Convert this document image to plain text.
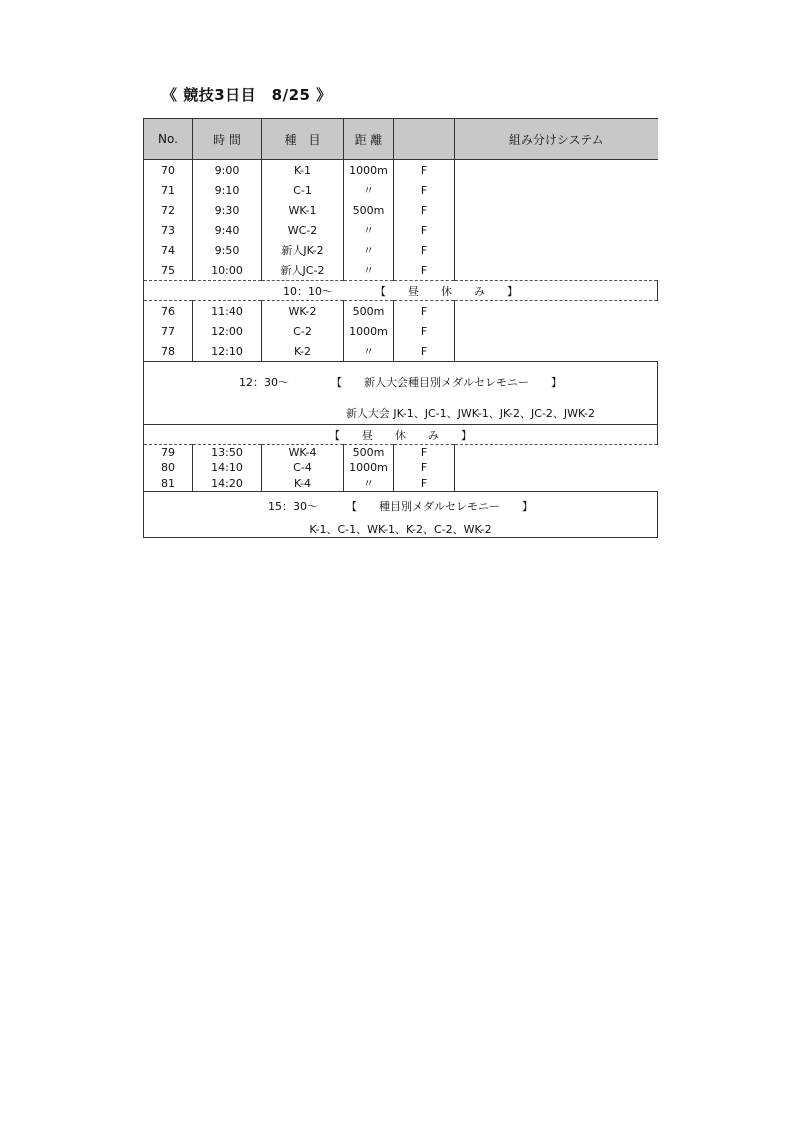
《 競技3日目　8/25 》
No.	時 間	種　目	距 離		組み分けシステム
70	9:00	K-1	1000m	F	
71	9:10	C-1	〃	F	
72	9:30	WK-1	500m	F	
73	9:40	WC-2	〃	F	
74	9:50	新人JK-2	〃	F	
75	10:00	新人JC-2	〃	F	
10：10～ 【　　昼　　休　　み　　】					
76	11:40	WK-2	500m	F	
77	12:00	C-2	1000m	F	
78	12:10	K-2	〃	F	
12：30～ 【　　新人大会種目別メダルセレモニー　　】					
新人大会 JK-1、JC-1、JWK-1、JK-2、JC-2、JWK-2					
【　　昼　　休　　み　　】					
79	13:50	WK-4	500m	F	
80	14:10	C-4	1000m	F	
81	14:20	K-4	〃	F	
15：30～ 【　　種目別メダルセレモニー　　】					
K-1、C-1、WK-1、K-2、C-2、WK-2					
